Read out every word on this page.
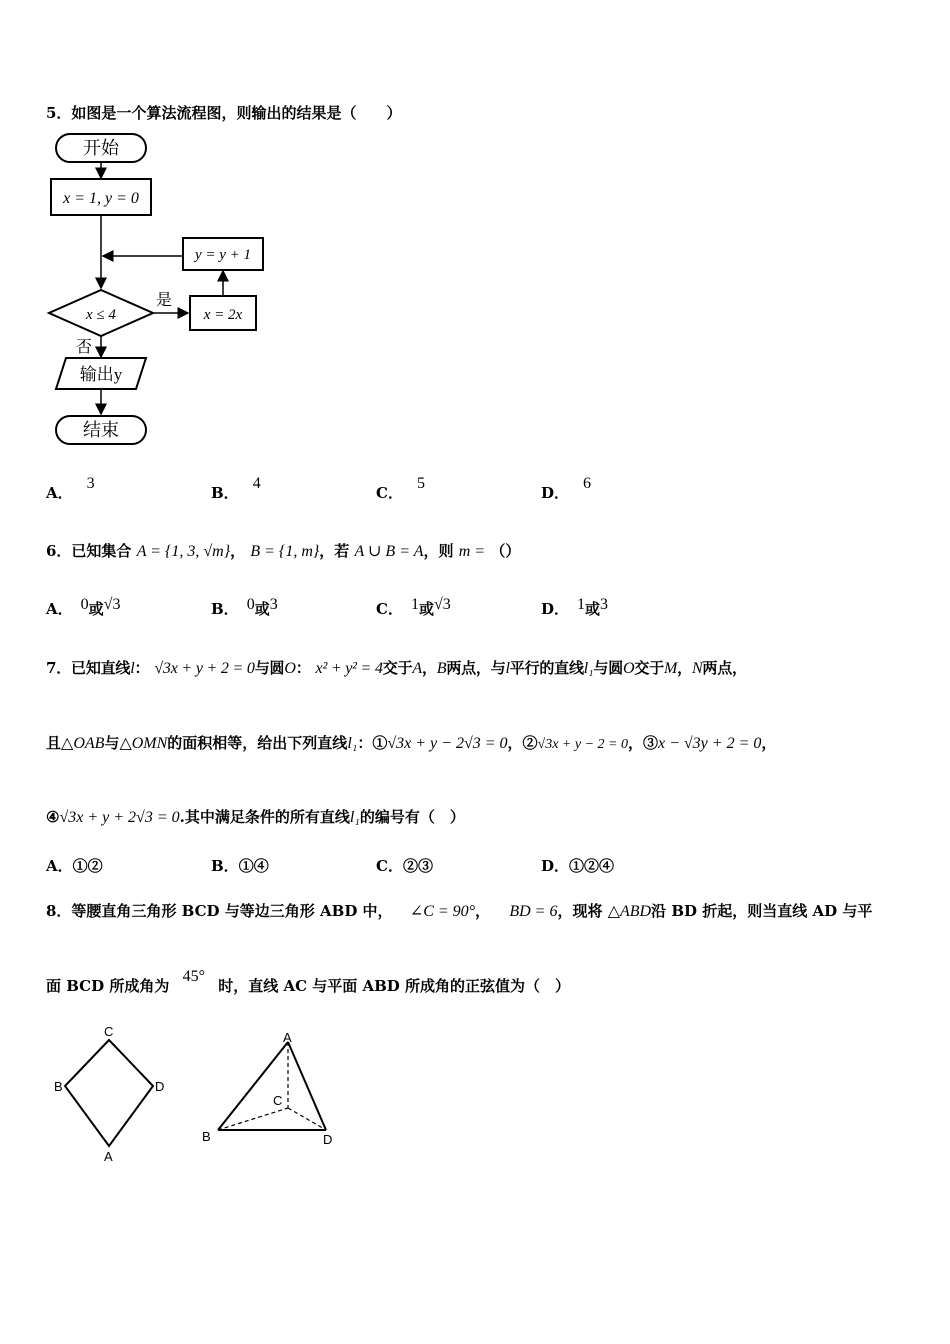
5．如图是一个算法流程图，则输出的结果是（　　）
开始
x = 1, y = 0
x ≤ 4
是
x = 2x
y = y + 1
否
输出y
结束
A．3
B．4
C．5
D．6
6．已知集合 A = {1, 3, √m}， B = {1, m}，若 A ∪ B = A，则 m = （）
A． 0或√3	B． 0或3	C． 1或√3	D． 1或3
7．已知直线l： √3x + y + 2 = 0与圆O： x² + y² = 4交于A，B两点，与l平行的直线l₁与圆O交于M，N两点，
且△OAB与△OMN的面积相等，给出下列直线l₁：①√3x + y − 2√3 = 0，②√3x + y − 2 = 0，③x − √3y + 2 = 0，
④√3x + y + 2√3 = 0.其中满足条件的所有直线l₁的编号有（　）
A．①②	B．①④	C．②③	D．①②④
8．等腰直角三角形 BCD 与等边三角形 ABD 中， ∠C = 90°， BD = 6，现将 △ABD沿 BD 折起，则当直线 AD 与平
面 BCD 所成角为 45° 时，直线 AC 与平面 ABD 所成角的正弦值为（　）
C
B	D
A
A
C
B	D
